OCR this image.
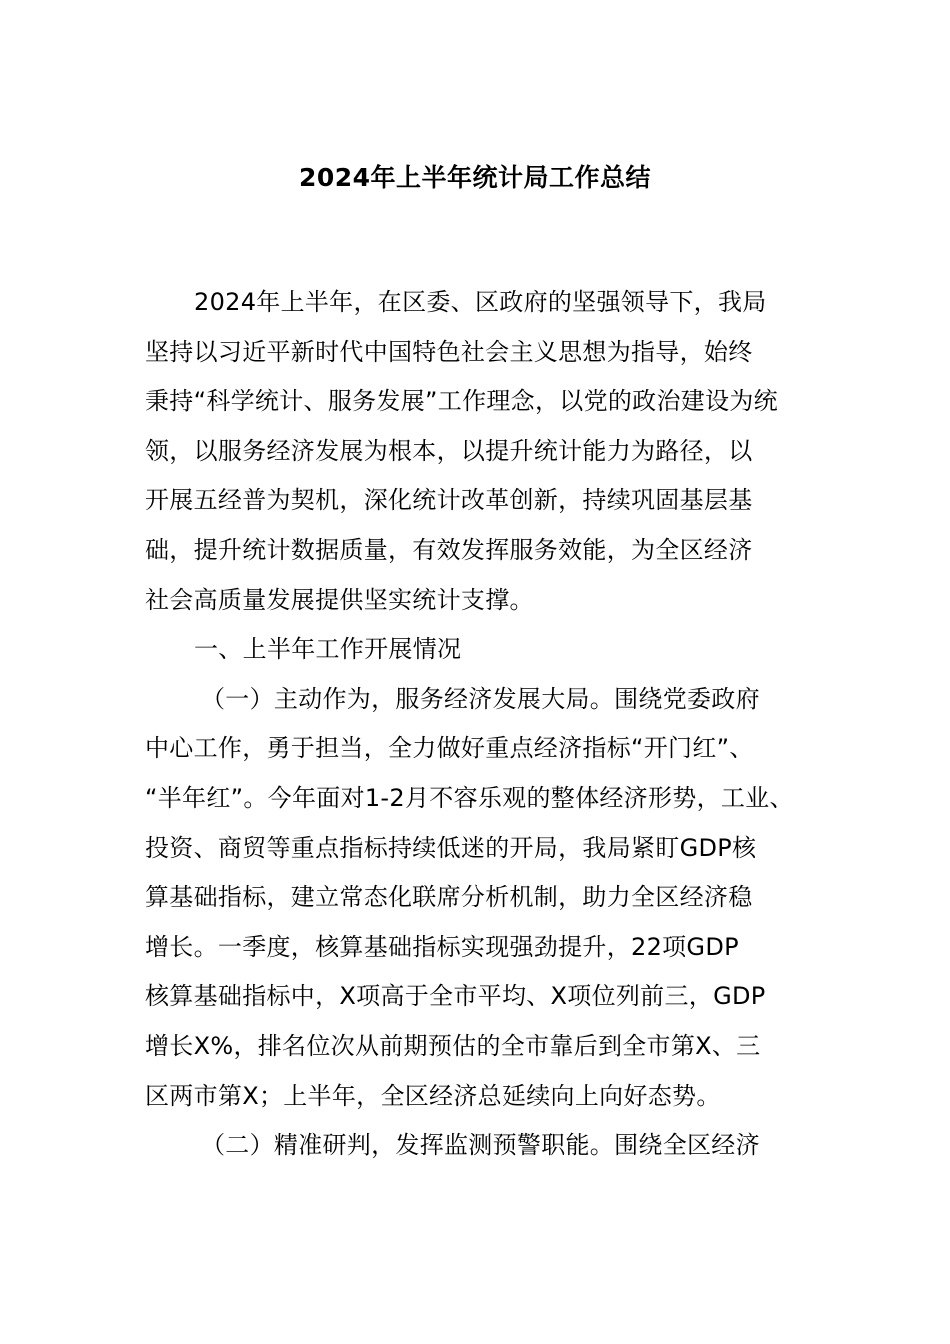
2024年上半年统计局工作总结
2024年上半年，在区委、区政府的坚强领导下，我局
坚持以习近平新时代中国特色社会主义思想为指导，始终
秉持“科学统计、服务发展”工作理念，以党的政治建设为统
领，以服务经济发展为根本，以提升统计能力为路径，以
开展五经普为契机，深化统计改革创新，持续巩固基层基
础，提升统计数据质量，有效发挥服务效能，为全区经济
社会高质量发展提供坚实统计支撑。
一、上半年工作开展情况
（一）主动作为，服务经济发展大局。围绕党委政府
中心工作，勇于担当，全力做好重点经济指标“开门红”、
“半年红”。今年面对1-2月不容乐观的整体经济形势，工业、
投资、商贸等重点指标持续低迷的开局，我局紧盯GDP核
算基础指标，建立常态化联席分析机制，助力全区经济稳
增长。一季度，核算基础指标实现强劲提升，22项GDP
核算基础指标中，X项高于全市平均、X项位列前三，GDP
增长X%，排名位次从前期预估的全市靠后到全市第X、三
区两市第X；上半年，全区经济总延续向上向好态势。
（二）精准研判，发挥监测预警职能。围绕全区经济
